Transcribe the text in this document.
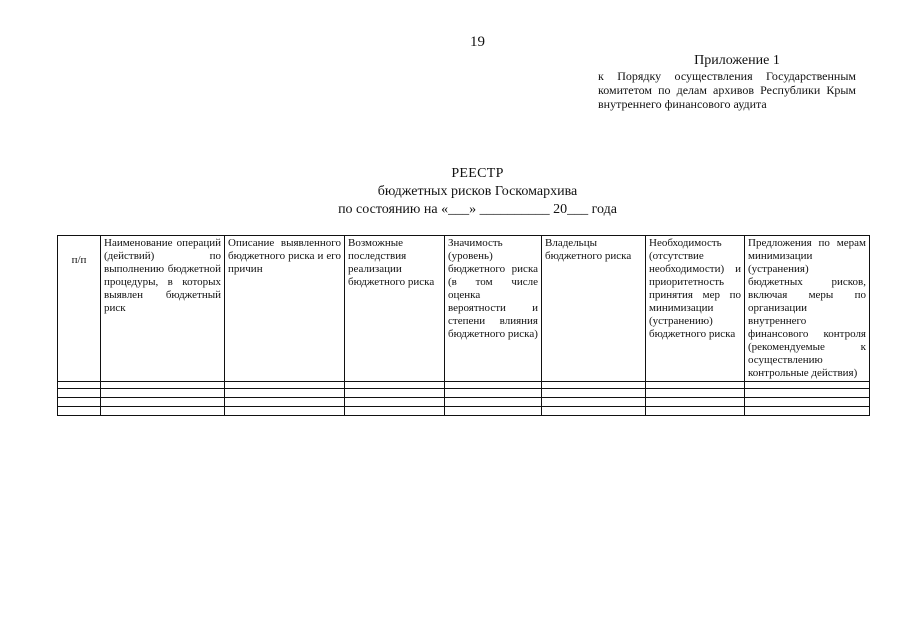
19
Приложение 1
к Порядку осуществления Государственным комитетом по делам архивов Республики Крым внутреннего финансового аудита
РЕЕСТР
бюджетных рисков Госкомархива
по состоянию на «___» __________ 20___ года
п/п	Наименование операций (действий) по выполнению бюджетной процедуры, в которых выявлен бюджетный риск	Описание выявленного бюджетного риска и его причин	Возможные последствия реализации бюджетного риска	Значимость (уровень) бюджетного риска (в том числе оценка вероятности и степени влияния бюджетного риска)	Владельцы бюджетного риска	Необходимость (отсутствие необходимости) и приоритетность принятия мер по минимизации (устранению) бюджетного риска	Предложения по мерам минимизации (устранения) бюджетных рисков, включая меры по организации внутреннего финансового контроля (рекомендуемые к осуществлению контрольные действия)
